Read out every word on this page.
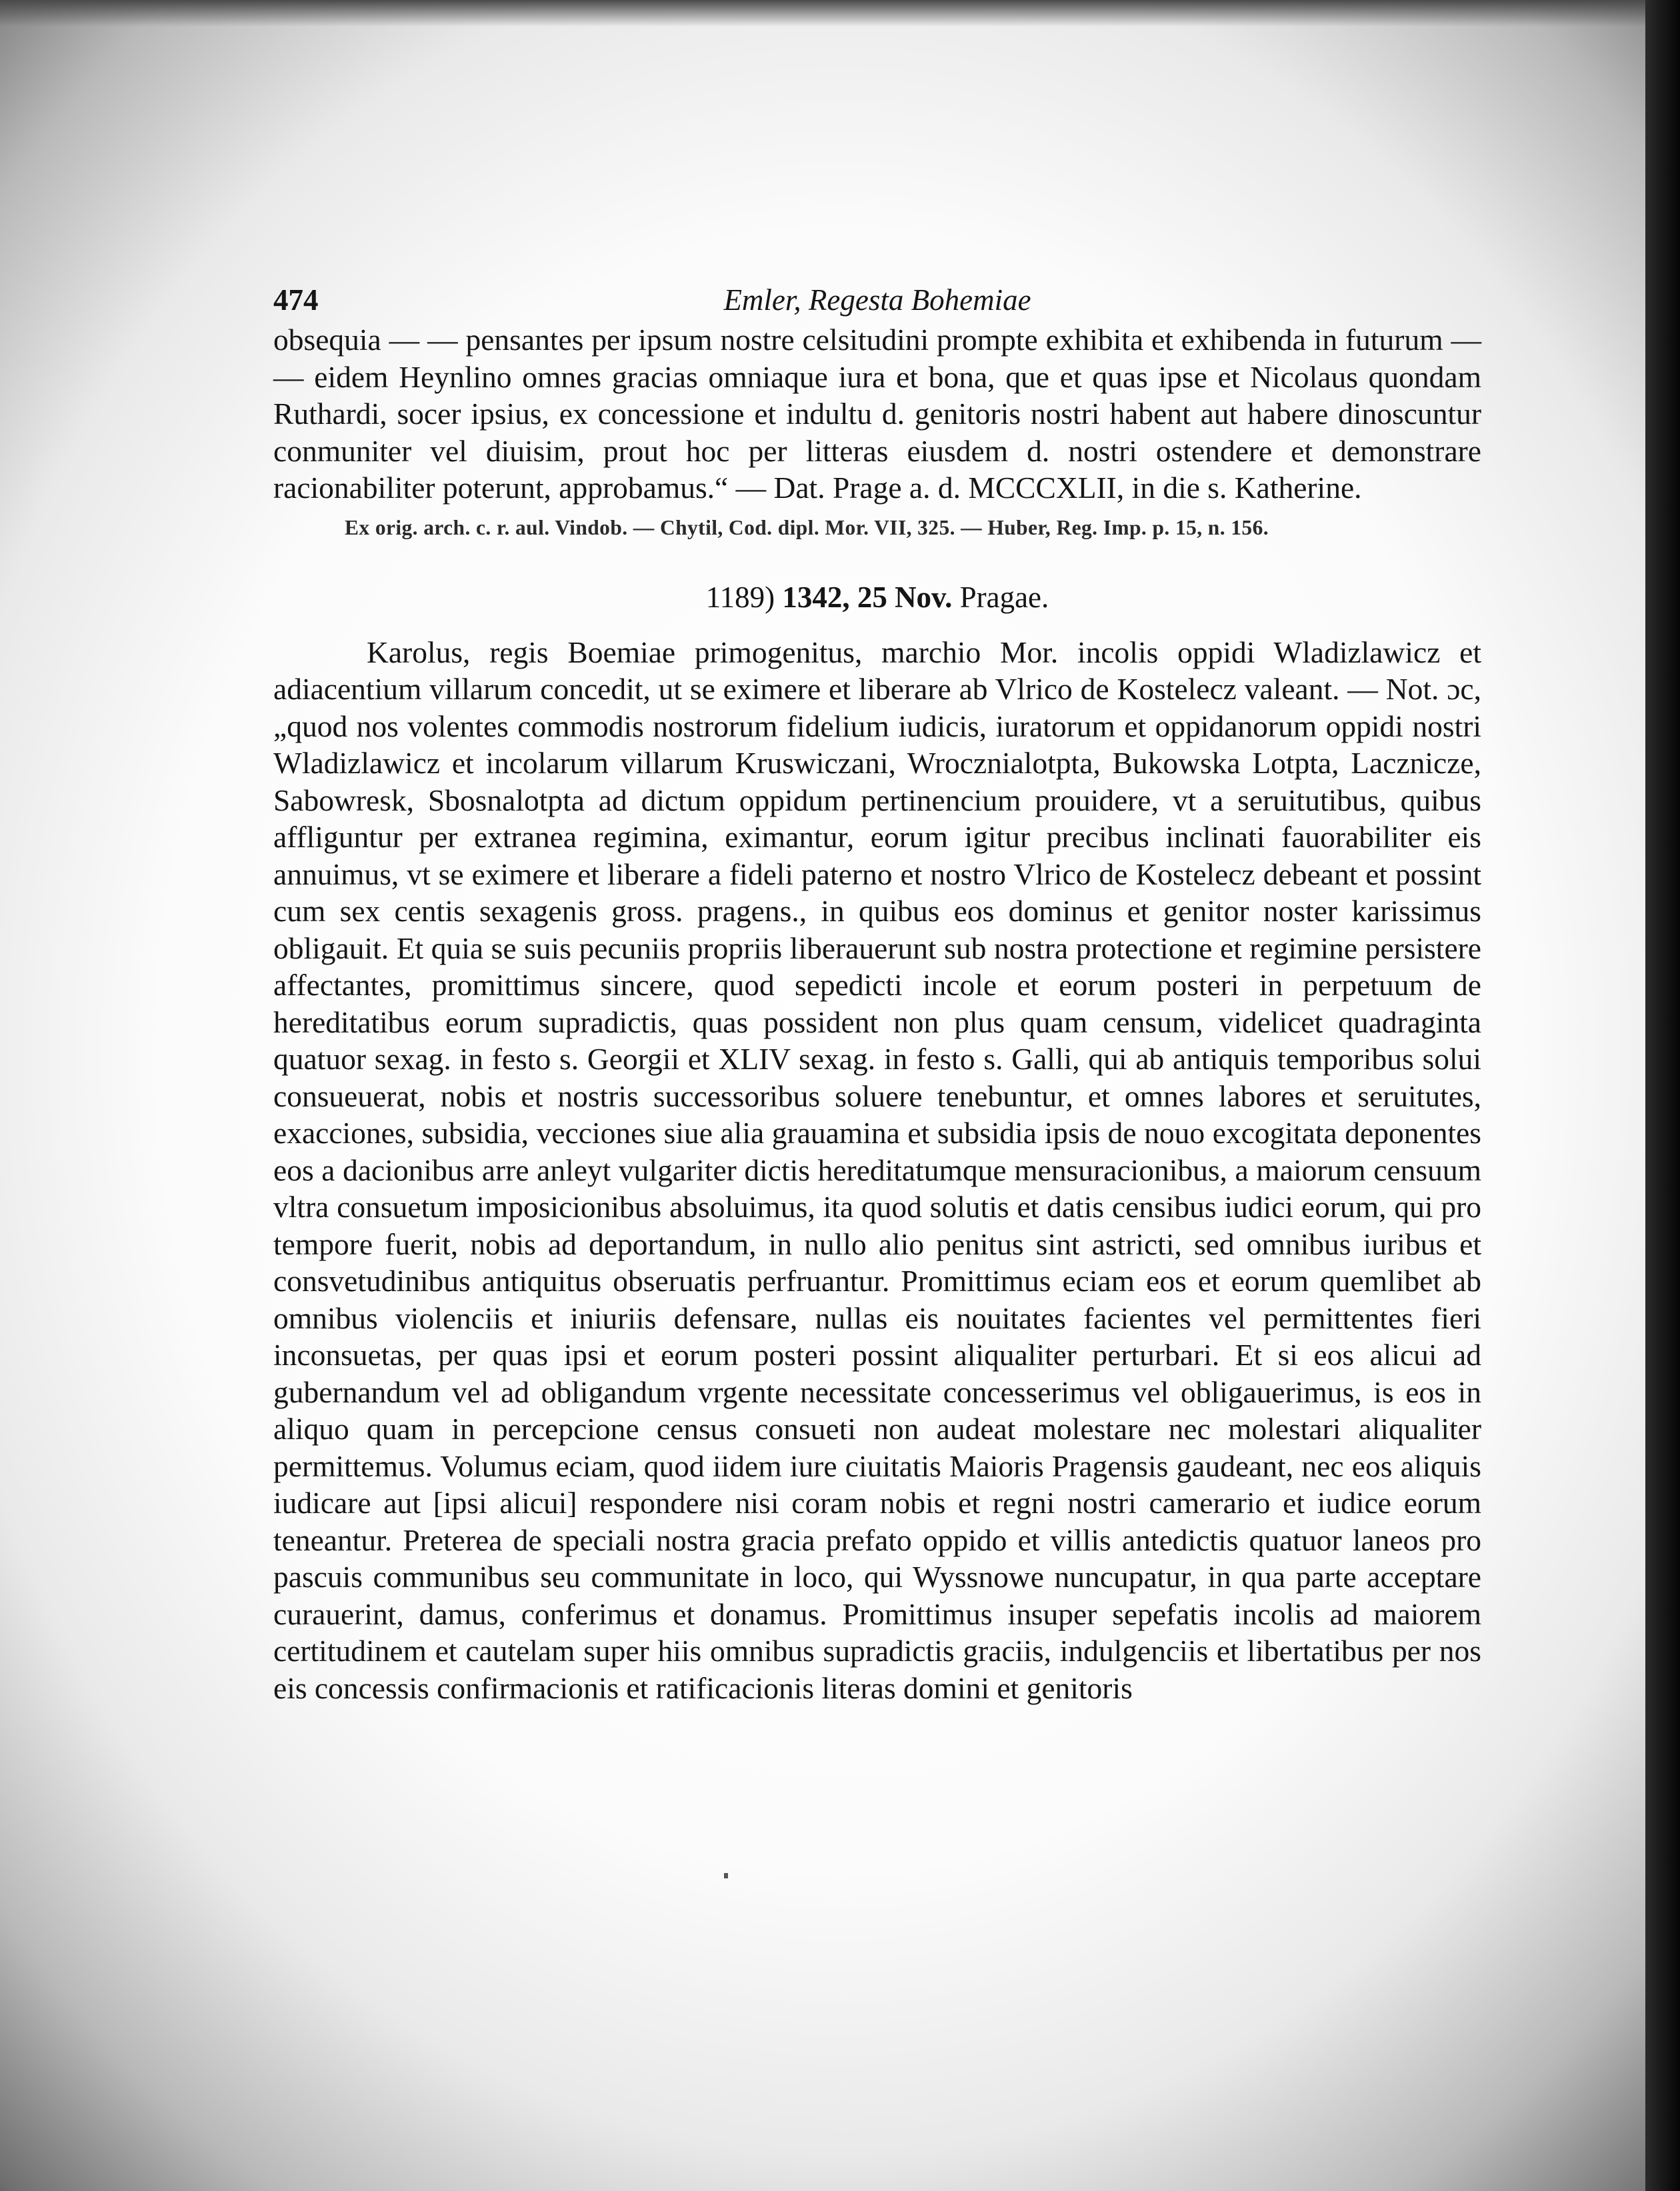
474	Emler, Regesta Bohemiae

obsequia — — pensantes per ipsum nostre celsitudini prompte exhibita et exhibenda in futurum — — eidem Heynlino omnes gracias omniaque iura et bona, que et quas ipse et Nicolaus quondam Ruthardi, socer ipsius, ex concessione et indultu d. genitoris nostri habent aut habere dinoscuntur conmuniter vel diuisim, prout hoc per litteras eiusdem d. nostri ostendere et demonstrare racionabiliter poterunt, approbamus.“ — Dat. Prage a. d. MCCCXLII, in die s. Katherine.

Ex orig. arch. c. r. aul. Vindob. — Chytil, Cod. dipl. Mor. VII, 325. — Huber, Reg. Imp. p. 15, n. 156.

1189) 1342, 25 Nov. Pragae.

Karolus, regis Boemiae primogenitus, marchio Mor. incolis oppidi Wladizlawicz et adiacentium villarum concedit, ut se eximere et liberare ab Vlrico de Kostelecz valeant. — Not. ɔc, „quod nos volentes commodis nostrorum fidelium iudicis, iuratorum et oppidanorum oppidi nostri Wladizlawicz et incolarum villarum Kruswiczani, Wrocznialotpta, Bukowska Lotpta, Lacznicze, Sabowresk, Sbosnalotpta ad dictum oppidum pertinencium prouidere, vt a seruitutibus, quibus affliguntur per extranea regimina, eximantur, eorum igitur precibus inclinati fauorabiliter eis annuimus, vt se eximere et liberare a fideli paterno et nostro Vlrico de Kostelecz debeant et possint cum sex centis sexagenis gross. pragens., in quibus eos dominus et genitor noster karissimus obligauit. Et quia se suis pecuniis propriis liberauerunt sub nostra protectione et regimine persistere affectantes, promittimus sincere, quod sepedicti incole et eorum posteri in perpetuum de hereditatibus eorum supradictis, quas possident non plus quam censum, videlicet quadraginta quatuor sexag. in festo s. Georgii et XLIV sexag. in festo s. Galli, qui ab antiquis temporibus solui consueuerat, nobis et nostris successoribus soluere tenebuntur, et omnes labores et seruitutes, exacciones, subsidia, vecciones siue alia grauamina et subsidia ipsis de nouo excogitata deponentes eos a dacionibus arre anleyt vulgariter dictis hereditatumque mensuracionibus, a maiorum censuum vltra consuetum imposicionibus absoluimus, ita quod solutis et datis censibus iudici eorum, qui pro tempore fuerit, nobis ad deportandum, in nullo alio penitus sint astricti, sed omnibus iuribus et consvetudinibus antiquitus obseruatis perfruantur. Promittimus eciam eos et eorum quemlibet ab omnibus violenciis et iniuriis defensare, nullas eis nouitates facientes vel permittentes fieri inconsuetas, per quas ipsi et eorum posteri possint aliqualiter perturbari. Et si eos alicui ad gubernandum vel ad obligandum vrgente necessitate concesserimus vel obligauerimus, is eos in aliquo quam in percepcione census consueti non audeat molestare nec molestari aliqualiter permittemus. Volumus eciam, quod iidem iure ciuitatis Maioris Pragensis gaudeant, nec eos aliquis iudicare aut [ipsi alicui] respondere nisi coram nobis et regni nostri camerario et iudice eorum teneantur. Preterea de speciali nostra gracia prefato oppido et villis antedictis quatuor laneos pro pascuis communibus seu communitate in loco, qui Wyssnowe nuncupatur, in qua parte acceptare curauerint, damus, conferimus et donamus. Promittimus insuper sepefatis incolis ad maiorem certitudinem et cautelam super hiis omnibus supradictis graciis, indulgenciis et libertatibus per nos eis concessis confirmacionis et ratificacionis literas domini et genitoris
